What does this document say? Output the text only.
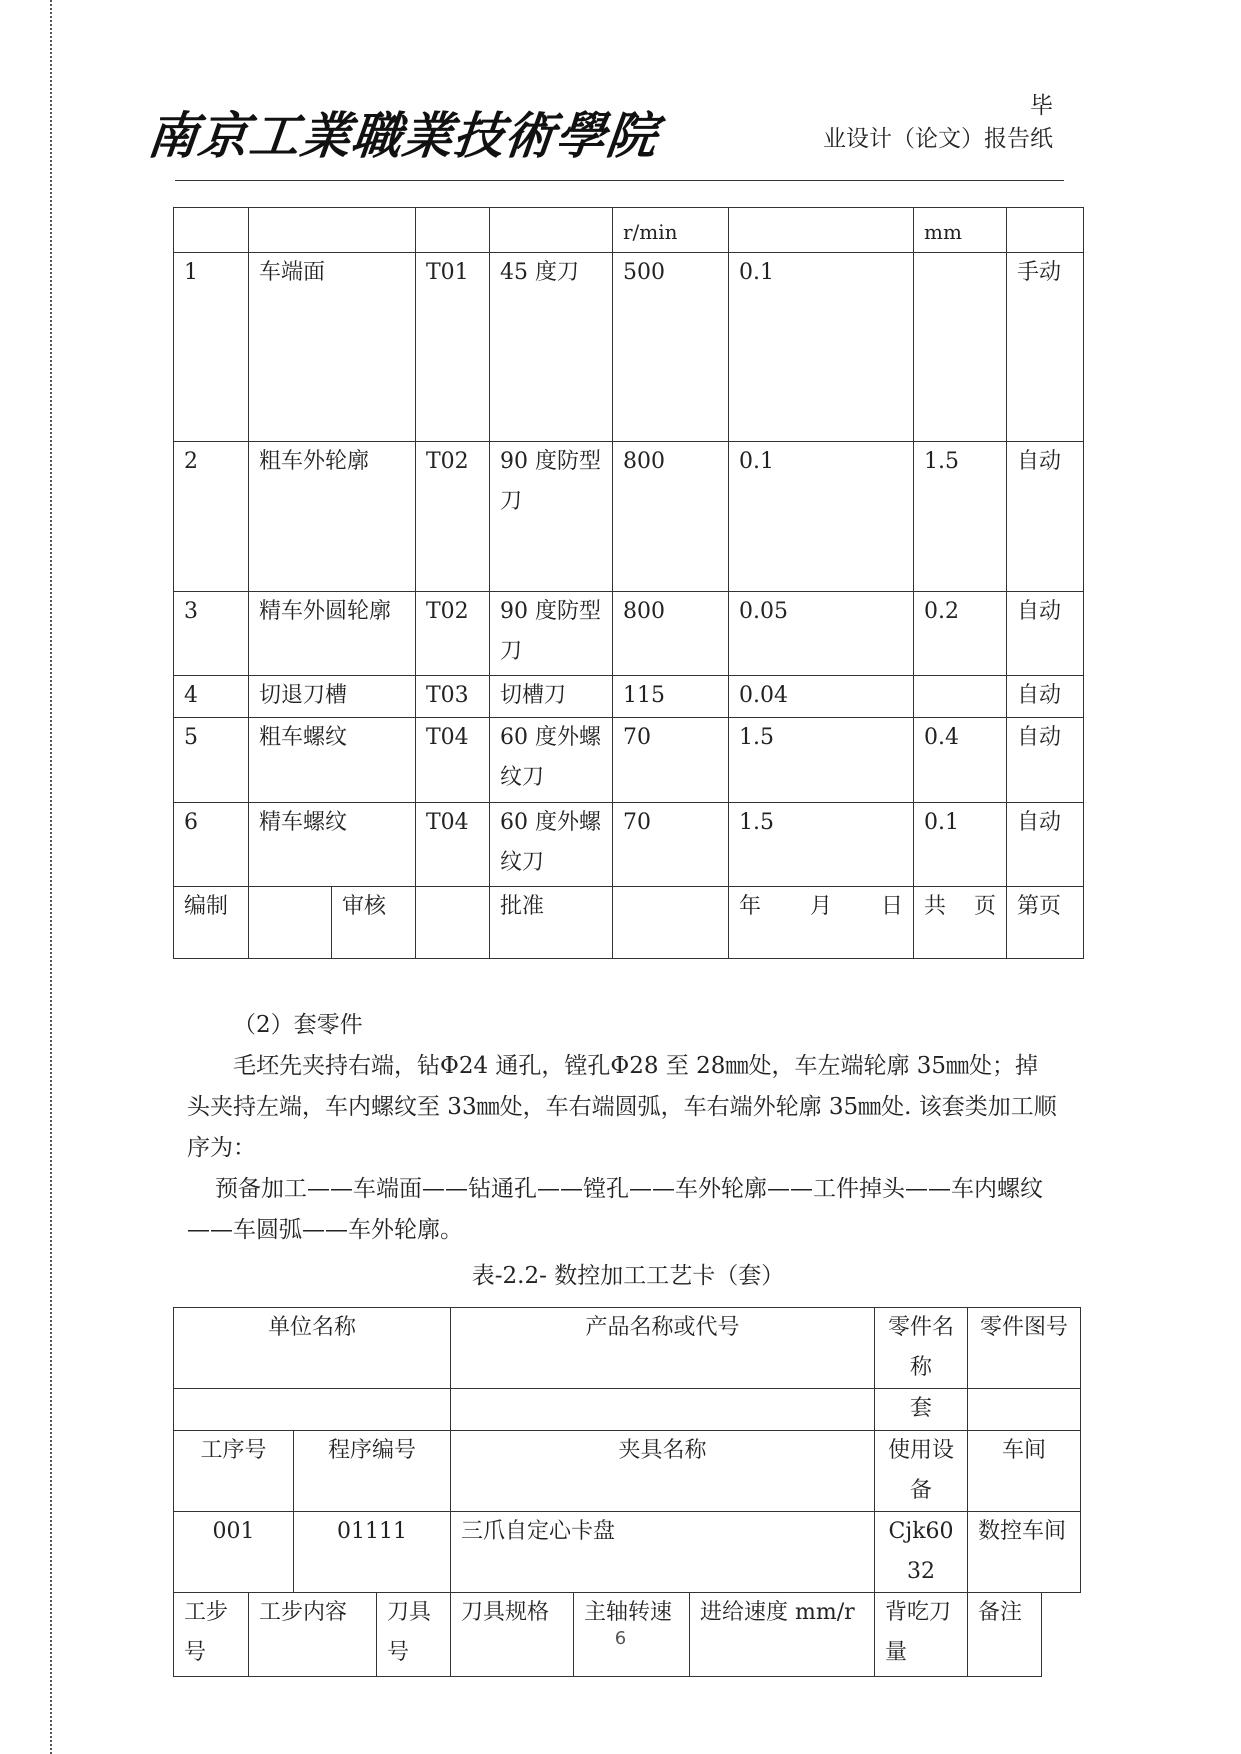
南京工業職業技術學院	毕
业设计（论文）报告纸
					r/min		mm	
1	车端面		T01	45 度刀	500	0.1		手动
2	粗车外轮廓		T02	90 度防型刀	800	0.1	1.5	自动
3	精车外圆轮廓		T02	90 度防型刀	800	0.05	0.2	自动
4	切退刀槽		T03	切槽刀	115	0.04		自动
5	粗车螺纹		T04	60 度外螺纹刀	70	1.5	0.4	自动
6	精车螺纹		T04	60 度外螺纹刀	70	1.5	0.1	自动
编制		审核		批准		年 月 日	共 页	第页

（2）套零件

毛坯先夹持右端，钻Φ24 通孔，镗孔Φ28 至 28㎜处，车左端轮廓 35㎜处；掉头夹持左端，车内螺纹至 33㎜处，车右端圆弧，车右端外轮廓 35㎜处. 该套类加工顺序为：

预备加工——车端面——钻通孔——镗孔——车外轮廓——工件掉头——车内螺纹——车圆弧——车外轮廓。

表-2.2- 数控加工工艺卡（套）

单位名称				产品名称或代号			零件名称	零件图号
							套	
工序号		程序编号		夹具名称			使用设备	车间
001		01111		三爪自定心卡盘			Cjk6032	数控车间
工步号	工步内容		刀具号	刀具规格	主轴转速	进给速度 mm/r	背吃刀量	备注
6
